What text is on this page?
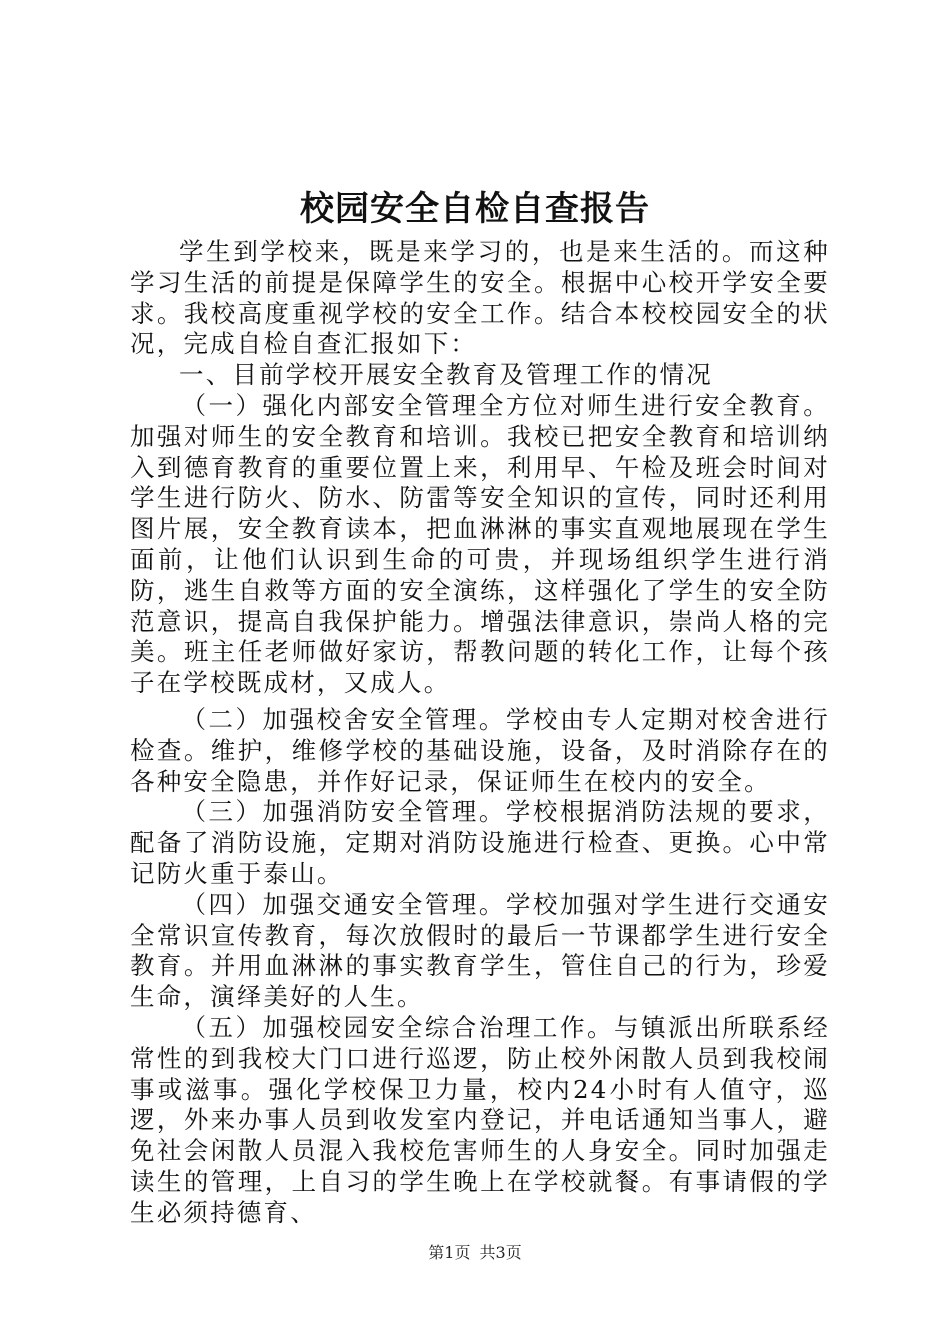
校园安全自检自查报告

学生到学校来，既是来学习的，也是来生活的。而这种学习生活的前提是保障学生的安全。根据中心校开学安全要求。我校高度重视学校的安全工作。结合本校校园安全的状况，完成自检自查汇报如下：

一、目前学校开展安全教育及管理工作的情况

（一）强化内部安全管理全方位对师生进行安全教育。加强对师生的安全教育和培训。我校已把安全教育和培训纳入到德育教育的重要位置上来，利用早、午检及班会时间对学生进行防火、防水、防雷等安全知识的宣传，同时还利用图片展，安全教育读本，把血淋淋的事实直观地展现在学生面前，让他们认识到生命的可贵，并现场组织学生进行消防，逃生自救等方面的安全演练，这样强化了学生的安全防范意识，提高自我保护能力。增强法律意识，崇尚人格的完美。班主任老师做好家访，帮教问题的转化工作，让每个孩子在学校既成材，又成人。

（二）加强校舍安全管理。学校由专人定期对校舍进行检查。维护，维修学校的基础设施，设备，及时消除存在的各种安全隐患，并作好记录，保证师生在校内的安全。

（三）加强消防安全管理。学校根据消防法规的要求，配备了消防设施，定期对消防设施进行检查、更换。心中常记防火重于泰山。

（四）加强交通安全管理。学校加强对学生进行交通安全常识宣传教育，每次放假时的最后一节课都学生进行安全教育。并用血淋淋的事实教育学生，管住自己的行为，珍爱生命，演绎美好的人生。

（五）加强校园安全综合治理工作。与镇派出所联系经常性的到我校大门口进行巡逻，防止校外闲散人员到我校闹事或滋事。强化学校保卫力量，校内24小时有人值守，巡逻，外来办事人员到收发室内登记，并电话通知当事人，避免社会闲散人员混入我校危害师生的人身安全。同时加强走读生的管理，上自习的学生晚上在学校就餐。有事请假的学生必须持德育、

第1页 共3页
